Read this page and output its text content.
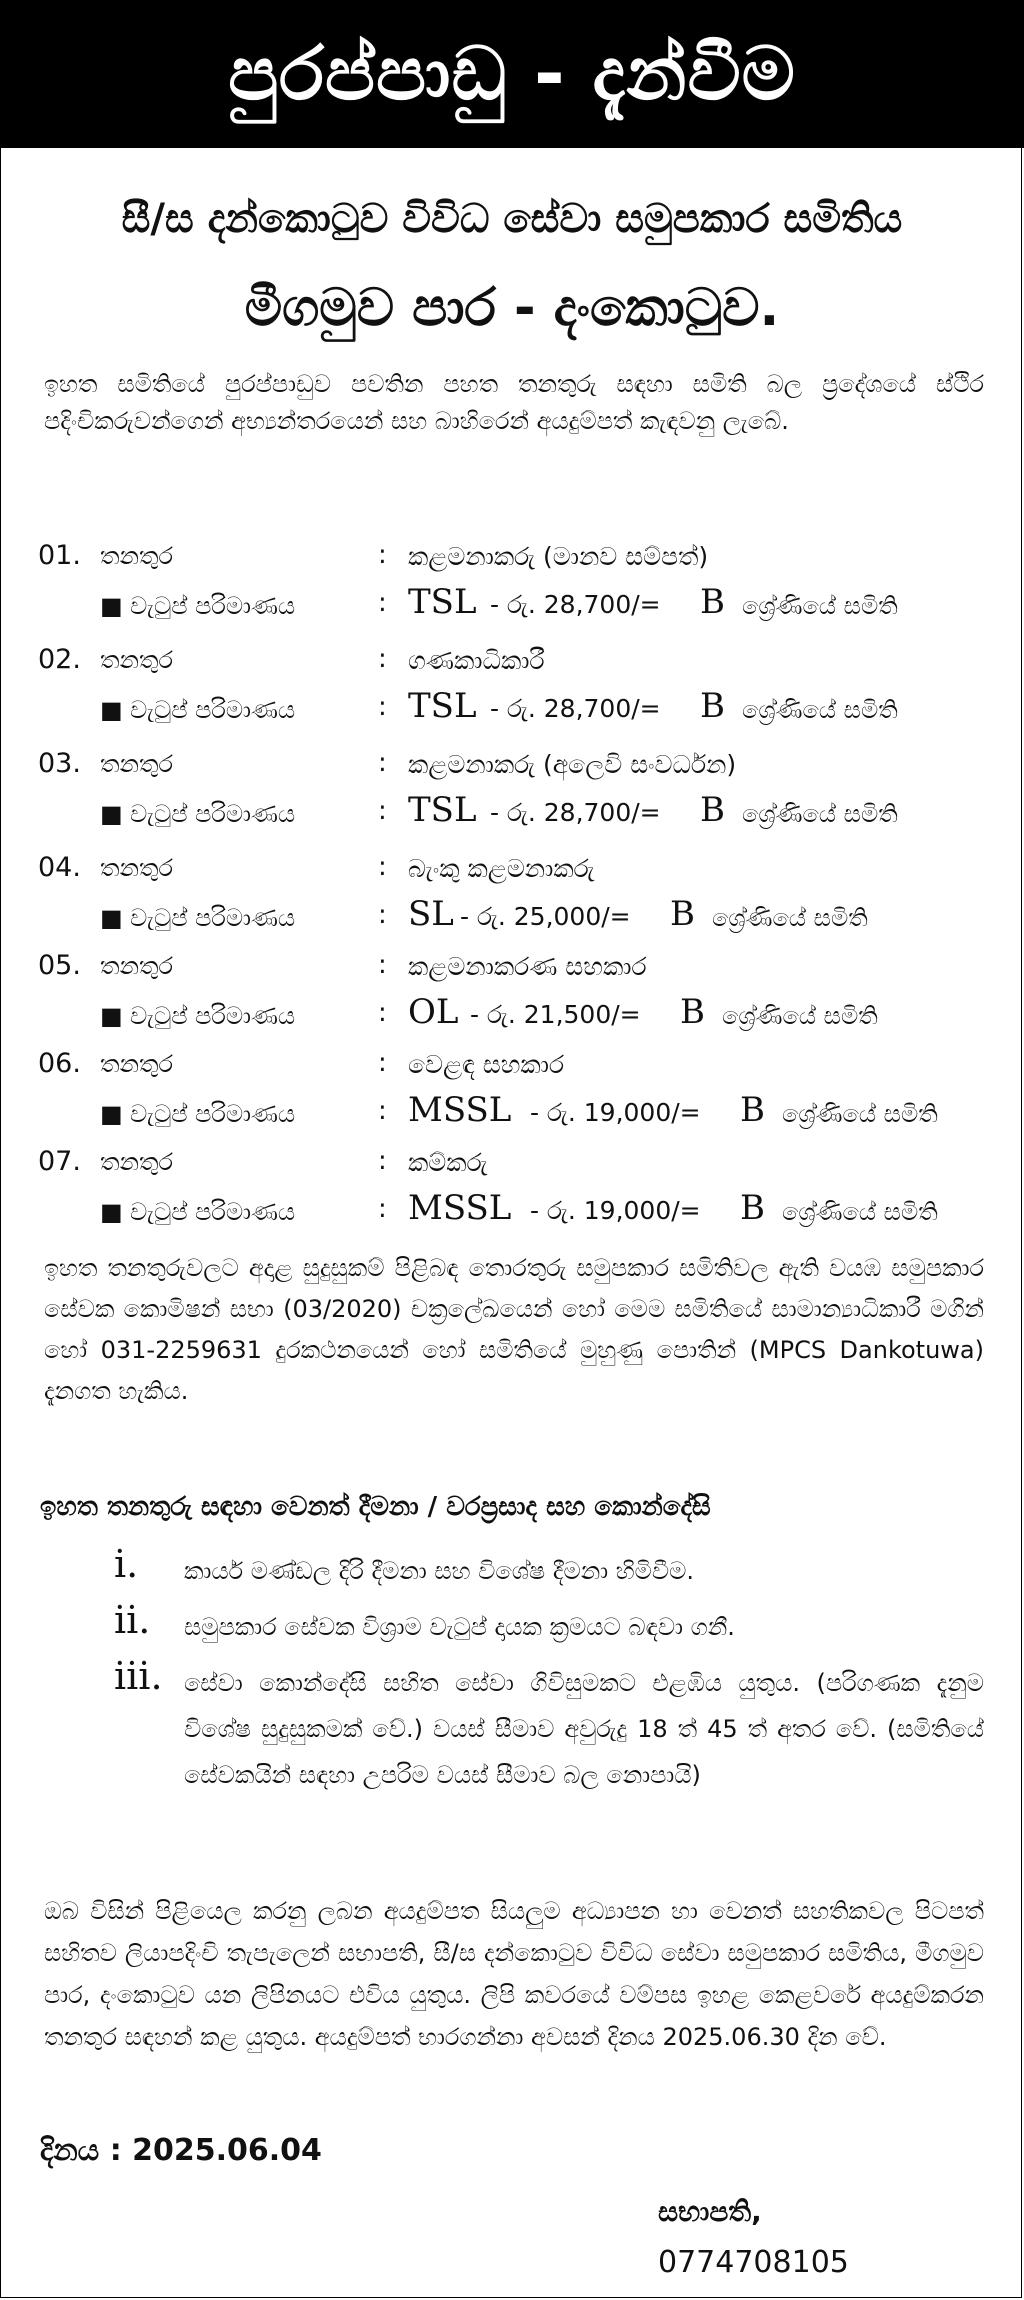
පුරප්පාඩු - දැන්වීම
සී/ස දන්කොටුව විවිධ සේවා සමුපකාර සමිතිය
මීගමුව පාර - දංකොටුව.
ඉහත සමිතියේ පුරප්පාඩුව පවතින පහත තනතුරු සඳහා සමිති බල ප්‍රදේශයේ ස්ථිර පදිංචිකරුවන්ගෙන් අභ්‍යන්තරයෙන් සහ බාහිරෙන් අයදුම්පත් කැඳවනු ලැබේ.
01. තනතුර	: කළමනාකරු (මානව සම්පත්)
■ වැටුප් පරිමාණය	: TSL - රු. 28,700/= B ශ්‍රේණියේ සමිති
02. තනතුර	: ගණකාධිකාරී
■ වැටුප් පරිමාණය	: TSL - රු. 28,700/= B ශ්‍රේණියේ සමිති
03. තනතුර	: කළමනාකරු (අලෙවි සංවර්ධන)
■ වැටුප් පරිමාණය	: TSL - රු. 28,700/= B ශ්‍රේණියේ සමිති
04. තනතුර	: බැංකු කළමනාකරු
■ වැටුප් පරිමාණය	: SL - රු. 25,000/= B ශ්‍රේණියේ සමිති
05. තනතුර	: කළමනාකරණ සහකාර
■ වැටුප් පරිමාණය	: OL - රු. 21,500/= B ශ්‍රේණියේ සමිති
06. තනතුර	: වෙළඳ සහකාර
■ වැටුප් පරිමාණය	: MSSL - රු. 19,000/= B ශ්‍රේණියේ සමිති
07. තනතුර	: කම්කරු
■ වැටුප් පරිමාණය	: MSSL - රු. 19,000/= B ශ්‍රේණියේ සමිති
ඉහත තනතුරුවලට අදාළ සුදුසුකම් පිළිබඳ තොරතුරු සමුපකාර සමිතිවල ඇති වයඹ සමුපකාර සේවක කොමිෂන් සභා (03/2020) චක්‍රලේඛයෙන් හෝ මෙම සමිතියේ සාමාන්‍යාධිකාරී මගින් හෝ 031-2259631 දුරකථනයෙන් හෝ සමිතියේ මුහුණු පොතින් (MPCS Dankotuwa) දැනගත හැකිය.
ඉහත තනතුරු සඳහා වෙනත් දීමනා / වරප්‍රසාද සහ කොන්දේසි
i. කාර්ය මණ්ඩල දිරි දීමනා සහ විශේෂ දීමනා හිමිවීම.
ii. සමුපකාර සේවක විශ්‍රාම වැටුප් දායක ක්‍රමයට බඳවා ගනී.
iii. සේවා කොන්දේසි සහිත සේවා ගිවිසුමකට එළඹිය යුතුය. (පරිගණක දැනුම විශේෂ සුදුසුකමක් වේ.) වයස් සීමාව අවුරුදු 18 ත් 45 ත් අතර වේ. (සමිතියේ සේවකයින් සඳහා උපරිම වයස් සීමාව බල නොපායි)
ඔබ විසින් පිළියෙල කරනු ලබන අයදුම්පත සියලුම අධ්‍යාපන හා වෙනත් සහතිකවල පිටපත් සහිතව ලියාපදිංචි තැපැලෙන් සභාපති, සී/ස දන්කොටුව විවිධ සේවා සමුපකාර සමිතිය, මීගමුව පාර, දංකොටුව යන ලිපිනයට එවිය යුතුය. ලිපි කවරයේ වම්පස ඉහළ කෙළවරේ අයදුම්කරන තනතුර සඳහන් කළ යුතුය. අයදුම්පත් භාරගන්නා අවසන් දිනය 2025.06.30 දින වේ.
දිනය : 2025.06.04
සභාපති,
0774708105
